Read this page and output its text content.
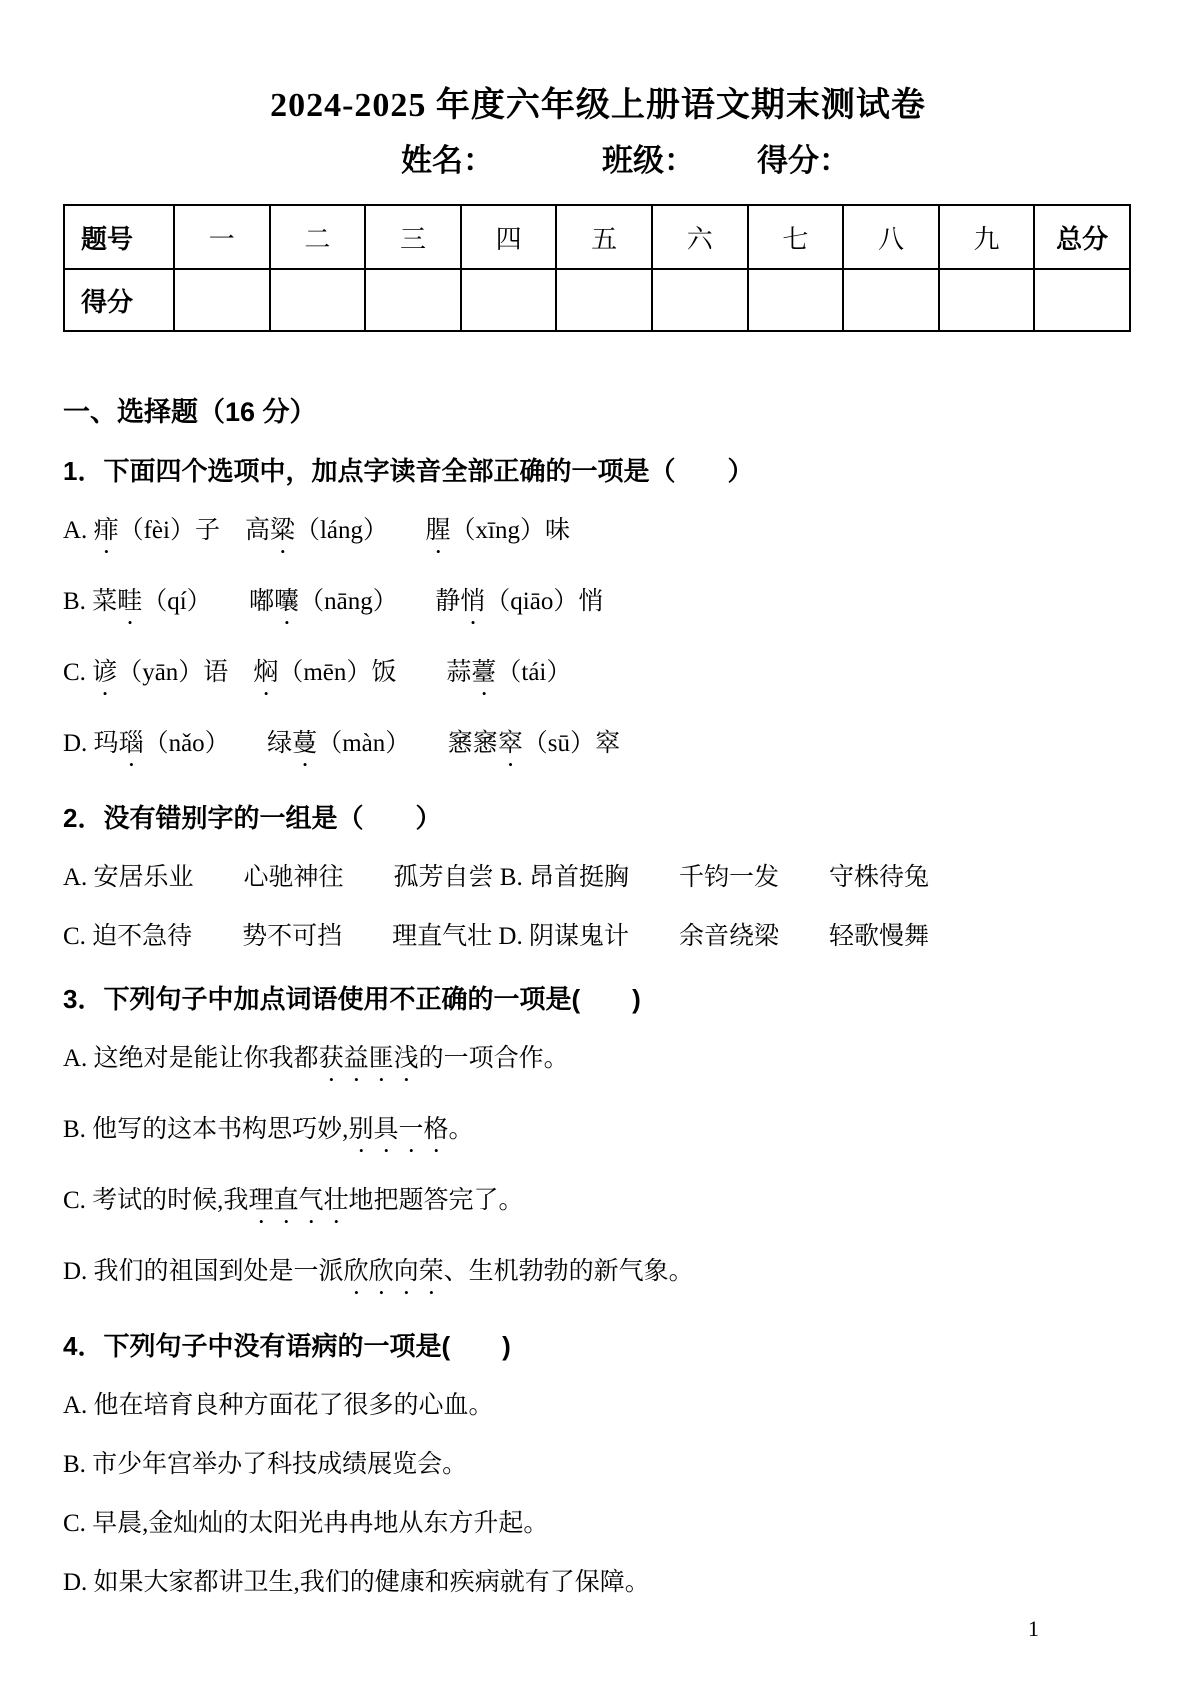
2024-2025 年度六年级上册语文期末测试卷
姓名：	班级： 得分：
题号	一	二	三	四	五	六	七	八	九	总分
得分										
一、选择题（16 分）
1．下面四个选项中，加点字读音全部正确的一项是（　　）
A. 痱（fèi）子　高粱（láng）　　腥（xīng）味
B. 菜畦（qí）　　嘟囔（nāng）　　静悄（qiāo）悄
C. 谚（yān）语　焖（mēn）饭　　蒜薹（tái）
D. 玛瑙（nǎo）　　绿蔓（màn）　　窸窸窣（sū）窣
2．没有错别字的一组是（　　）
A. 安居乐业　　心驰神往　　孤芳自尝 B. 昂首挺胸　　千钧一发　　守株待兔
C. 迫不急待　　势不可挡　　理直气壮 D. 阴谋鬼计　　余音绕梁　　轻歌慢舞
3．下列句子中加点词语使用不正确的一项是(　　)
A. 这绝对是能让你我都获益匪浅的一项合作。
B. 他写的这本书构思巧妙,别具一格。
C. 考试的时候,我理直气壮地把题答完了。
D. 我们的祖国到处是一派欣欣向荣、生机勃勃的新气象。
4．下列句子中没有语病的一项是(　　)
A. 他在培育良种方面花了很多的心血。
B. 市少年宫举办了科技成绩展览会。
C. 早晨,金灿灿的太阳光冉冉地从东方升起。
D. 如果大家都讲卫生,我们的健康和疾病就有了保障。
1
